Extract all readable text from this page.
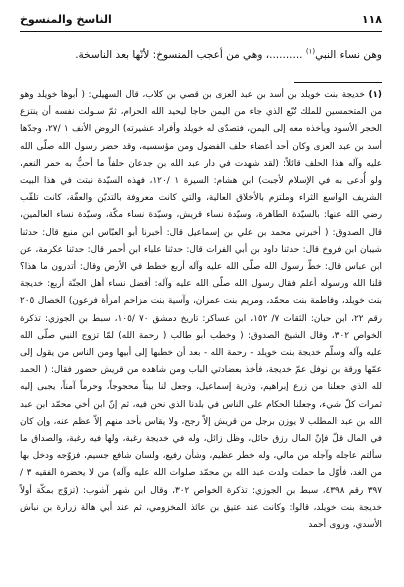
١١٨
الناسخ والمنسوخ
وهن نساء النبي$^{(١)}$ ..........، وهي من أعجب المنسوخ: لأنّها بعد الناسخة.
(١) خديجة بنت خويلد بن أسد بن عبد العزى بن قصي بن كلاب، قال السهيلي: ( أبوها خويلد وهو من المتحمسين للملك تُبّع الذي جاء من اليمن حاجا ليحيد الله الحرام، ثمّ سـولت نفسه أن ينتزع الحجر الأسود ويأخذه معه إلى اليمن، فتصدّى له خويلد وأفراد عشيرته) الروض الأنف ١ /٢٧، وجدّها أسد بن عبد العزى وكان أحد أعضاء حلف الفضول ومن مؤسسيه، وقد حضر رسول الله صلّى الله عليه وآله هذا الحلف قائلاً: (لقد شهدت في دار عبد الله بن جدعان حلفاً ما أحبُّ به حمر النعم، ولو أُدعى به في الإسلام لأجبت) ابن هشام: السيرة ١ /١٢٠، فهذه السيّدة نبتت في هذا البيت الشريف الواسع الثراء وملتزم بالأخلاق العالية، والتي كانت معروفة بالتديّن والعفّة، كانت تلقّب رضي الله عنها: بالسيّدة الطاهرة، وسيّدة نساء قريش، وسيّدة نساء مكّة، وسيّدة نساء العالمين، قال الصدوق: ( أخبرني محمد بن علي بن إسماعيل قال: أخبرنا أبو العبّاس ابن منيع قال: حدثنا شيبان ابن فروخ قال: حدثنا داود بن أبي الفرات قال: حدثنا علباء ابن أحمر قال: حدثنا عكرمة، عن ابن عباس قال: خطّ رسول الله صلّى الله عليه وآله أربع خطط في الأرض وقال: أتدرون ما هذا؟ قلنا الله ورسوله أعلم فقال رسول الله صلّى الله عليه وآله: أفضل نساء أهل الجنّة أربع: خديجة بنت خويلد، وفاطمة بنت محمّد، ومريم بنت عمران، وآسية بنت مزاحم امرأة فرعون) الخصال ٢٠٥ رقم ٢٢، ابن حبان: الثقات ٧/ ١٥٢، ابن عساكر: تاريخ دمشق ٧٠ /١٠٥، سبط بن الجوزي: تذكرة الخواص ٣٠٢، وقال الشيخ الصدوق: ( وخطب أبو طالب ( رحمة الله) لمّا تزوج النبي صلّى الله عليه وآله وسلّم خديجة بنت خويلد - رحمة الله - بعد أن خطبها إلى أبيها ومن الناس من يقول إلى عمّها ورقة بن نوفل عمّ خديجة، فأخذ بعضادتي الباب ومن شاهده من قريش حضور فقال: ( الحمد لله الذي جعلنا من زرع إبراهيم، وذرية إسماعيل، وجعل لنا بيتاً محجوجاً، وحرماً آمناً، يجبى إليه ثمرات كلّ شيء، وجعلنا الحكام على الناس في بلدنا الذي نحن فيه، ثم إنّ ابن أخي محمّد ابن عبد الله بن عبد المطلب لا يوزن برجل من قريش إلاّ رجح، ولا يقاس بأحد منهم إلاّ عظم عنه، وإن كان في المال قلّ فإنّ المال رزق حائل، وظل زائل، وله في خديجة رغبة، ولها فيه رغبة، والصداق ما سألتم عاجله وآجله من مالي، وله خطر عظيم، وشأن رفيع، ولسان شافع جسيم، فزوّجه ودخل بها من الغد، فأوّل ما حملت ولدت عبد الله بن محمّد صلوات الله عليه وآله) من لا يحضره الفقيه ٣ /٣٩٧ رقم ٤٣٩٨، سبط بن الجوزي: تذكرة الخواص ٣٠٢، وقال ابن شهر آشوب: (تزوّج بمكّة أولاً خديجة بنت خويلد، قالوا: وكانت عند عتيق بن عائذ المخزومي، ثم عند أبي هالة زرارة بن نباش الأسدي، وروى أحمد
